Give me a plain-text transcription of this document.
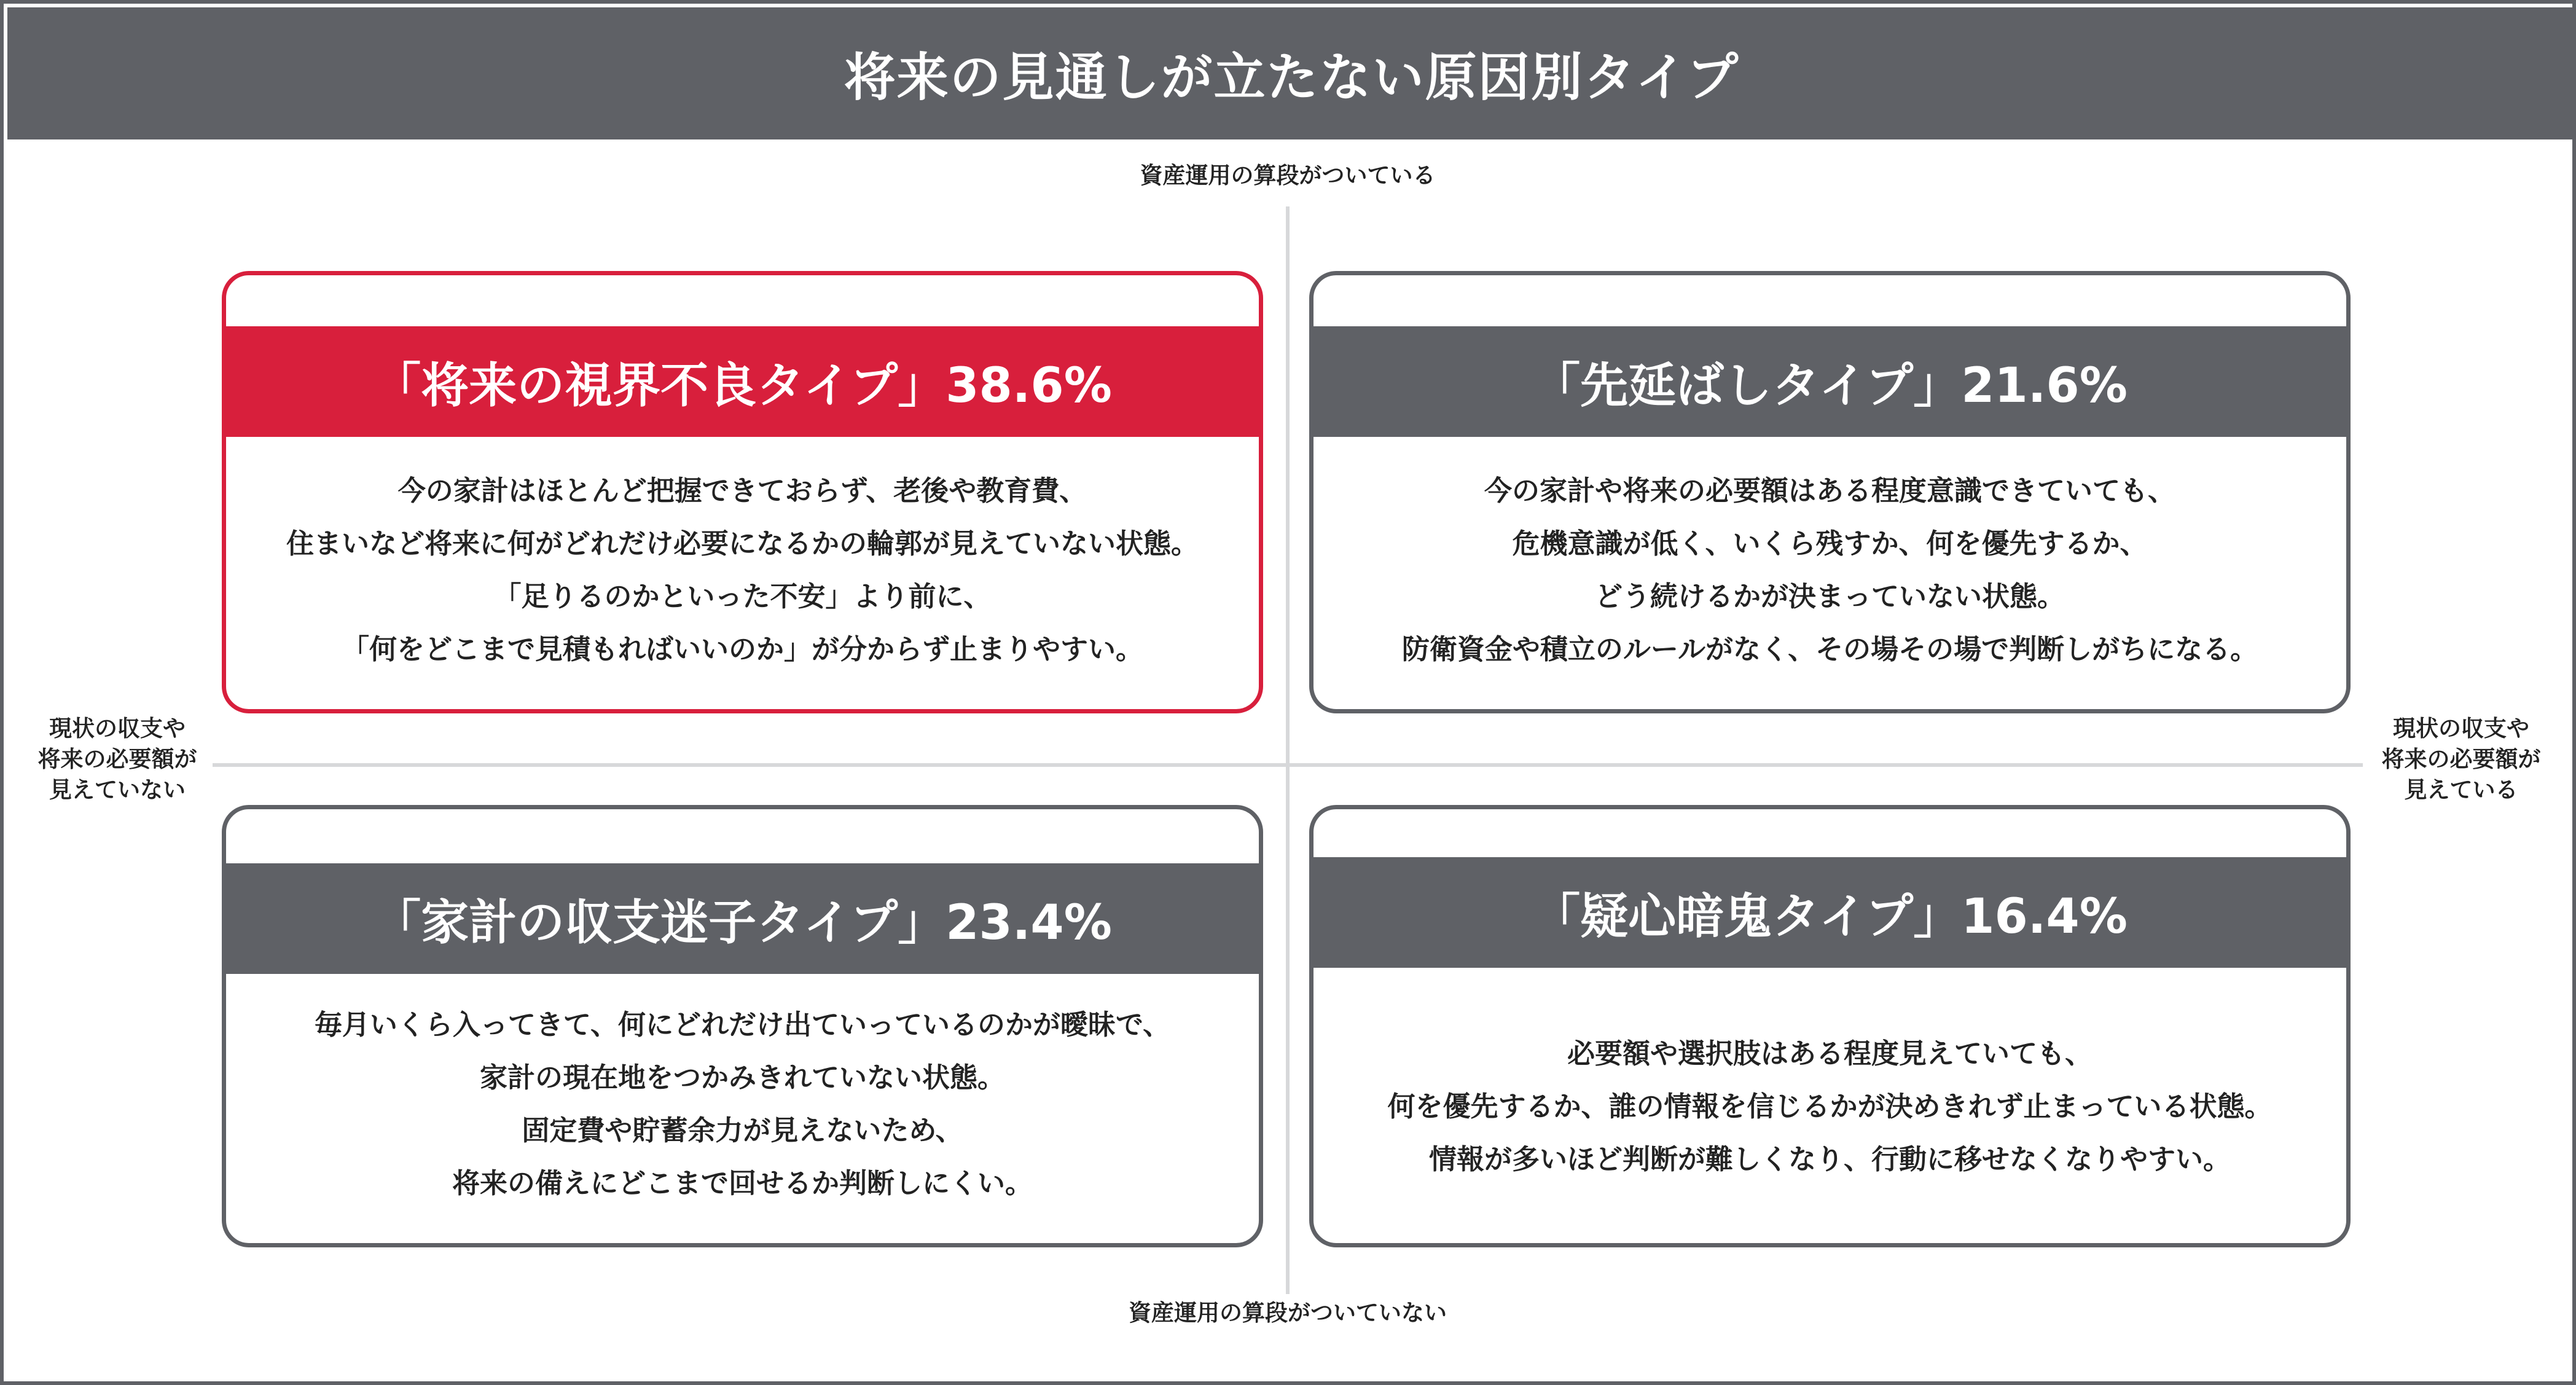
将来の見通しが立たない原因別タイプ
資産運用の算段がついている
資産運用の算段がついていない
現状の収支や
将来の必要額が
見えていない
現状の収支や
将来の必要額が
見えている
「将来の視界不良タイプ」38.6%

今の家計はほとんど把握できておらず、老後や教育費、

住まいなど将来に何がどれだけ必要になるかの輪郭が見えていない状態。

「足りるのかといった不安」より前に、

「何をどこまで見積もればいいのか」が分からず止まりやすい。

「先延ばしタイプ」21.6%

今の家計や将来の必要額はある程度意識できていても、

危機意識が低く、いくら残すか、何を優先するか、

どう続けるかが決まっていない状態。

防衛資金や積立のルールがなく、その場その場で判断しがちになる。

「家計の収支迷子タイプ」23.4%

毎月いくら入ってきて、何にどれだけ出ていっているのかが曖昧で、

家計の現在地をつかみきれていない状態。

固定費や貯蓄余力が見えないため、

将来の備えにどこまで回せるか判断しにくい。

「疑心暗鬼タイプ」16.4%

必要額や選択肢はある程度見えていても、

何を優先するか、誰の情報を信じるかが決めきれず止まっている状態。

情報が多いほど判断が難しくなり、行動に移せなくなりやすい。
